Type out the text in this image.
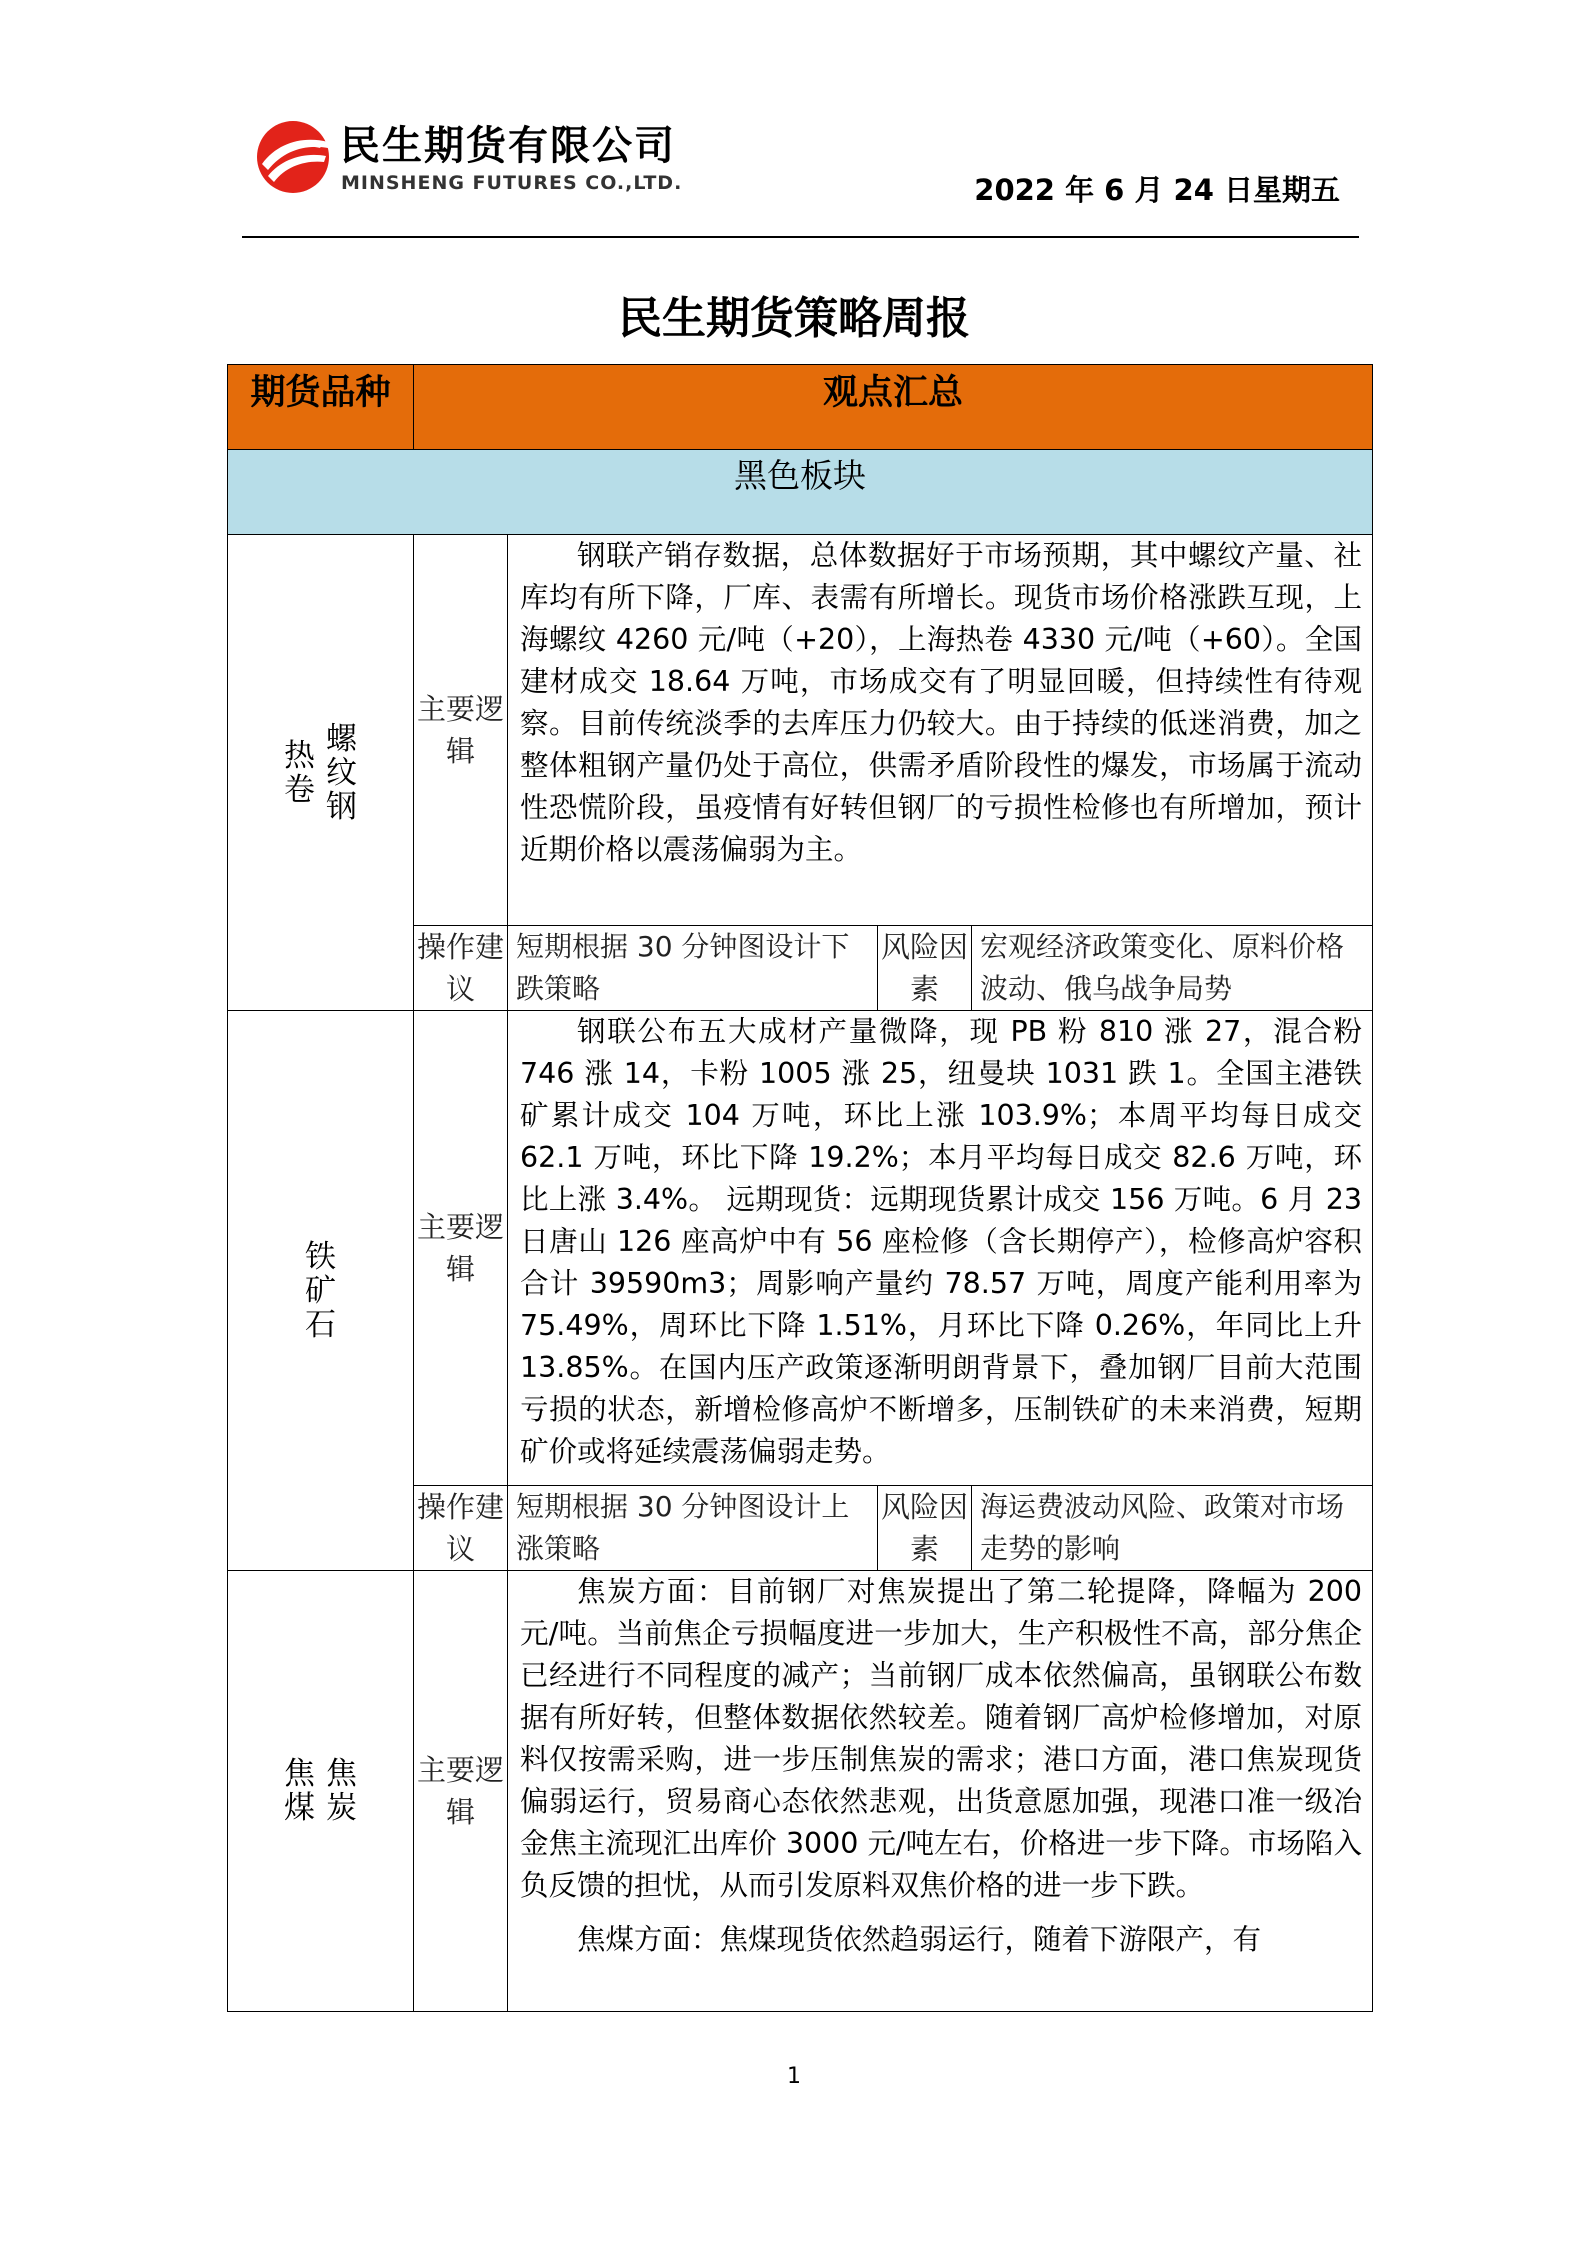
民生期货有限公司
MINSHENG FUTURES CO.,LTD.	2022 年 6 月 24 日星期五
民生期货策略周报
期货品种	观点汇总			
黑色板块				
热卷螺纹钢	主要逻辑	钢联产销存数据，总体数据好于市场预期，其中螺纹产量、社库均有所下降，厂库、表需有所增长。现货市场价格涨跌互现，上海螺纹 4260 元/吨（+20），上海热卷 4330 元/吨（+60）。全国建材成交 18.64 万吨，市场成交有了明显回暖，但持续性有待观察。目前传统淡季的去库压力仍较大。由于持续的低迷消费，加之整体粗钢产量仍处于高位，供需矛盾阶段性的爆发，市场属于流动性恐慌阶段，虽疫情有好转但钢厂的亏损性检修也有所增加，预计近期价格以震荡偏弱为主。		

	操作建议	短期根据 30 分钟图设计下跌策略	风险因素	宏观经济政策变化、原料价格波动、俄乌战争局势
铁矿石	主要逻辑	钢联公布五大成材产量微降，现 PB 粉 810 涨 27，混合粉 746 涨 14，卡粉 1005 涨 25，纽曼块 1031 跌 1。全国主港铁矿累计成交 104 万吨，环比上涨 103.9%；本周平均每日成交 62.1 万吨，环比下降 19.2%；本月平均每日成交 82.6 万吨，环比上涨 3.4%。 远期现货：远期现货累计成交 156 万吨。6 月 23 日唐山 126 座高炉中有 56 座检修（含长期停产），检修高炉容积合计 39590m3；周影响产量约 78.57 万吨，周度产能利用率为 75.49%，周环比下降 1.51%，月环比下降 0.26%，年同比上升 13.85%。在国内压产政策逐渐明朗背景下，叠加钢厂目前大范围亏损的状态，新增检修高炉不断增多，压制铁矿的未来消费，短期矿价或将延续震荡偏弱走势。		

	操作建议	短期根据 30 分钟图设计上涨策略	风险因素	海运费波动风险、政策对市场走势的影响
焦煤焦炭	主要逻辑	焦炭方面：目前钢厂对焦炭提出了第二轮提降，降幅为 200 元/吨。当前焦企亏损幅度进一步加大，生产积极性不高，部分焦企已经进行不同程度的减产；当前钢厂成本依然偏高，虽钢联公布数据有所好转，但整体数据依然较差。随着钢厂高炉检修增加，对原料仅按需采购，进一步压制焦炭的需求；港口方面，港口焦炭现货偏弱运行，贸易商心态依然悲观，出货意愿加强，现港口准一级冶金焦主流现汇出库价 3000 元/吨左右，价格进一步下降。市场陷入负反馈的担忧，从而引发原料双焦价格的进一步下跌。

焦煤方面：焦煤现货依然趋弱运行，随着下游限产，有		

1
